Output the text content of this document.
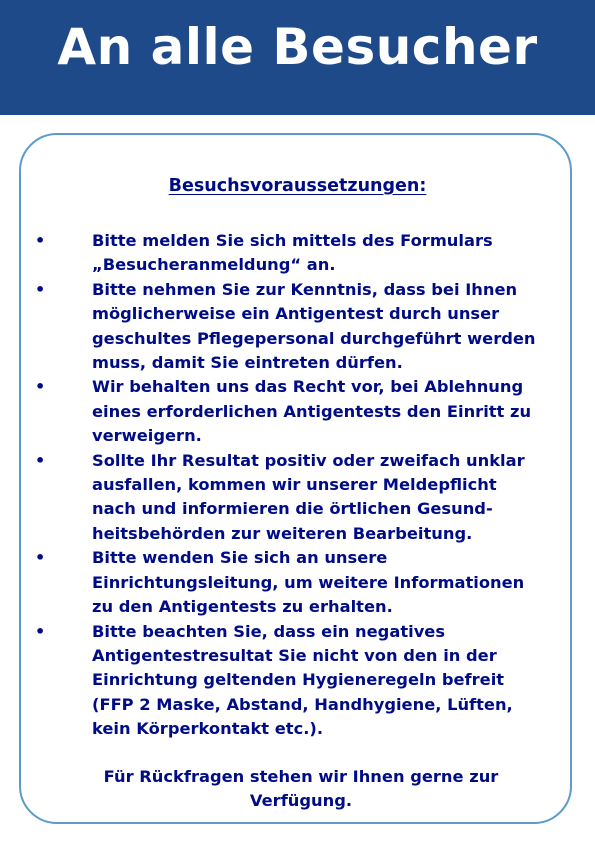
An alle Besucher
Besuchsvoraussetzungen:
•	Bitte melden Sie sich mittels des Formulars
„Besucheranmeldung“ an.
•	Bitte nehmen Sie zur Kenntnis, dass bei Ihnen
möglicherweise ein Antigentest durch unser
geschultes Pflegepersonal durchgeführt werden
muss, damit Sie eintreten dürfen.
•	Wir behalten uns das Recht vor, bei Ablehnung
eines erforderlichen Antigentests den Einritt zu
verweigern.
•	Sollte Ihr Resultat positiv oder zweifach unklar
ausfallen, kommen wir unserer Meldepflicht
nach und informieren die örtlichen Gesund-
heitsbehörden zur weiteren Bearbeitung.
•	Bitte wenden Sie sich an unsere
Einrichtungsleitung, um weitere Informationen
zu den Antigentests zu erhalten.
•	Bitte beachten Sie, dass ein negatives
Antigentestresultat Sie nicht von den in der
Einrichtung geltenden Hygieneregeln befreit
(FFP 2 Maske, Abstand, Handhygiene, Lüften,
kein Körperkontakt etc.).
Für Rückfragen stehen wir Ihnen gerne zur
Verfügung.
